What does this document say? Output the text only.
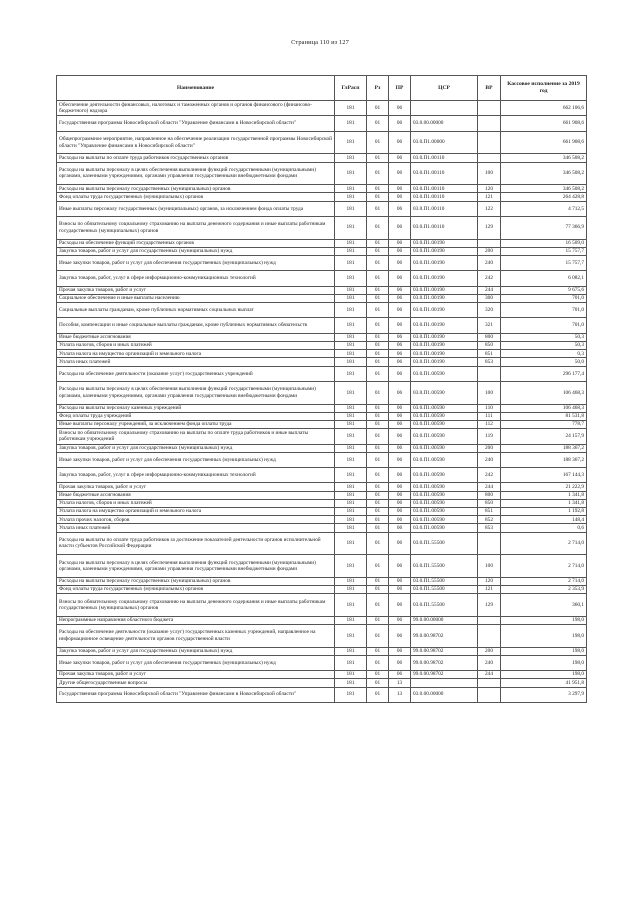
Страница 110 из 127
Наименование	ГлРасп	Рз	ПР	ЦСР	ВР	Кассовое исполнение за 2019 год
Обеспечение деятельности финансовых, налоговых и таможенных органов и органов финансового (финансово-бюджетного) надзора	181	01	06			662 106,6
Государственная программа Новосибирской области "Управление финансами в Новосибирской области"	181	01	06	03.0.00.00000		661 908,6
Общепрограммное мероприятие, направленное на обеспечение реализации государственной программы Новосибирской области "Управление финансами в Новосибирской области"	181	01	06	03.0.П1.00000		661 908,6
Расходы на выплаты по оплате труда работников государственных органов	181	01	06	03.0.П1.00110		346 508,2
Расходы на выплаты персоналу в целях обеспечения выполнения функций государственными (муниципальными) органами, казенными учреждениями, органами управления государственными внебюджетными фондами	181	01	06	03.0.П1.00110	100	346 508,2
Расходы на выплаты персоналу государственных (муниципальных) органов	181	01	06	03.0.П1.00110	120	346 508,2
Фонд оплаты труда государственных (муниципальных) органов	181	01	06	03.0.П1.00110	121	264 428,8
Иные выплаты персоналу государственных (муниципальных) органов, за исключением фонда оплаты труда	181	01	06	03.0.П1.00110	122	4 712,5
Взносы по обязательному социальному страхованию на выплаты денежного содержания и иные выплаты работникам государственных (муниципальных) органов	181	01	06	03.0.П1.00110	129	77 366,9
Расходы на обеспечение функций государственных органов	181	01	06	03.0.П1.00190		16 509,0
Закупка товаров, работ и услуг для государственных (муниципальных) нужд	181	01	06	03.0.П1.00190	200	15 757,7
Иные закупки товаров, работ и услуг для обеспечения государственных (муниципальных) нужд	181	01	06	03.0.П1.00190	240	15 757,7
Закупка товаров, работ, услуг в сфере информационно-коммуникационных технологий	181	01	06	03.0.П1.00190	242	6 082,1
Прочая закупка товаров, работ и услуг	181	01	06	03.0.П1.00190	244	9 675,6
Социальное обеспечение и иные выплаты населению	181	01	06	03.0.П1.00190	300	701,0
Социальные выплаты гражданам, кроме публичных нормативных социальных выплат	181	01	06	03.0.П1.00190	320	701,0
Пособия, компенсации и иные социальные выплаты гражданам, кроме публичных нормативных обязательств	181	01	06	03.0.П1.00190	321	701,0
Иные бюджетные ассигнования	181	01	06	03.0.П1.00190	800	50,3
Уплата налогов, сборов и иных платежей	181	01	06	03.0.П1.00190	850	50,3
Уплата налога на имущество организаций и земельного налога	181	01	06	03.0.П1.00190	851	0,3
Уплата иных платежей	181	01	06	03.0.П1.00190	853	50,0
Расходы на обеспечение деятельности (оказание услуг) государственных учреждений	181	01	06	03.0.П1.00590		296 177,4
Расходы на выплаты персоналу в целях обеспечения выполнения функций государственными (муниципальными) органами, казенными учреждениями, органами управления государственными внебюджетными фондами	181	01	06	03.0.П1.00590	100	106 468,3
Расходы на выплаты персоналу казенных учреждений	181	01	06	03.0.П1.00590	110	106 468,3
Фонд оплаты труда учреждений	181	01	06	03.0.П1.00590	111	81 531,8
Иные выплаты персоналу учреждений, за исключением фонда оплаты труда	181	01	06	03.0.П1.00590	112	778,7
Взносы по обязательному социальному страхованию на выплаты по оплате труда работников и иные выплаты работникам учреждений	181	01	06	03.0.П1.00590	119	24 157,9
Закупка товаров, работ и услуг для государственных (муниципальных) нужд	181	01	06	03.0.П1.00590	200	188 367,2
Иные закупки товаров, работ и услуг для обеспечения государственных (муниципальных) нужд	181	01	06	03.0.П1.00590	240	188 367,2
Закупка товаров, работ, услуг в сфере информационно-коммуникационных технологий	181	01	06	03.0.П1.00590	242	167 144,3
Прочая закупка товаров, работ и услуг	181	01	06	03.0.П1.00590	244	21 222,9
Иные бюджетные ассигнования	181	01	06	03.0.П1.00590	800	1 341,8
Уплата налогов, сборов и иных платежей	181	01	06	03.0.П1.00590	850	1 341,8
Уплата налога на имущество организаций и земельного налога	181	01	06	03.0.П1.00590	851	1 192,8
Уплата прочих налогов, сборов	181	01	06	03.0.П1.00590	852	148,4
Уплата иных платежей	181	01	06	03.0.П1.00590	853	0,6
Расходы на выплаты по оплате труда работников за достижение показателей деятельности органов исполнительной власти субъектов Российской Федерации	181	01	06	03.0.П1.55500		2 714,0
Расходы на выплаты персоналу в целях обеспечения выполнения функций государственными (муниципальными) органами, казенными учреждениями, органами управления государственными внебюджетными фондами	181	01	06	03.0.П1.55500	100	2 714,0
Расходы на выплаты персоналу государственных (муниципальных) органов	181	01	06	03.0.П1.55500	120	2 714,0
Фонд оплаты труда государственных (муниципальных) органов	181	01	06	03.0.П1.55500	121	2 353,9
Взносы по обязательному социальному страхованию на выплаты денежного содержания и иные выплаты работникам государственных (муниципальных) органов	181	01	06	03.0.П1.55500	129	360,1
Непрограммные направления областного бюджета	181	01	06	99.0.00.00000		198,0
Расходы на обеспечение деятельности (оказание услуг) государственных казенных учреждений, направленное на информационное освещение деятельности органов государственной власти	181	01	06	99.0.00.98702		198,0
Закупка товаров, работ и услуг для государственных (муниципальных) нужд	181	01	06	99.0.00.98702	200	198,0
Иные закупки товаров, работ и услуг для обеспечения государственных (муниципальных) нужд	181	01	06	99.0.00.98702	240	198,0
Прочая закупка товаров, работ и услуг	181	01	06	99.0.00.98702	244	198,0
Другие общегосударственные вопросы	181	01	13			41 951,8
Государственная программа Новосибирской области "Управление финансами в Новосибирской области"	181	01	13	03.0.00.00000		3 297,9
